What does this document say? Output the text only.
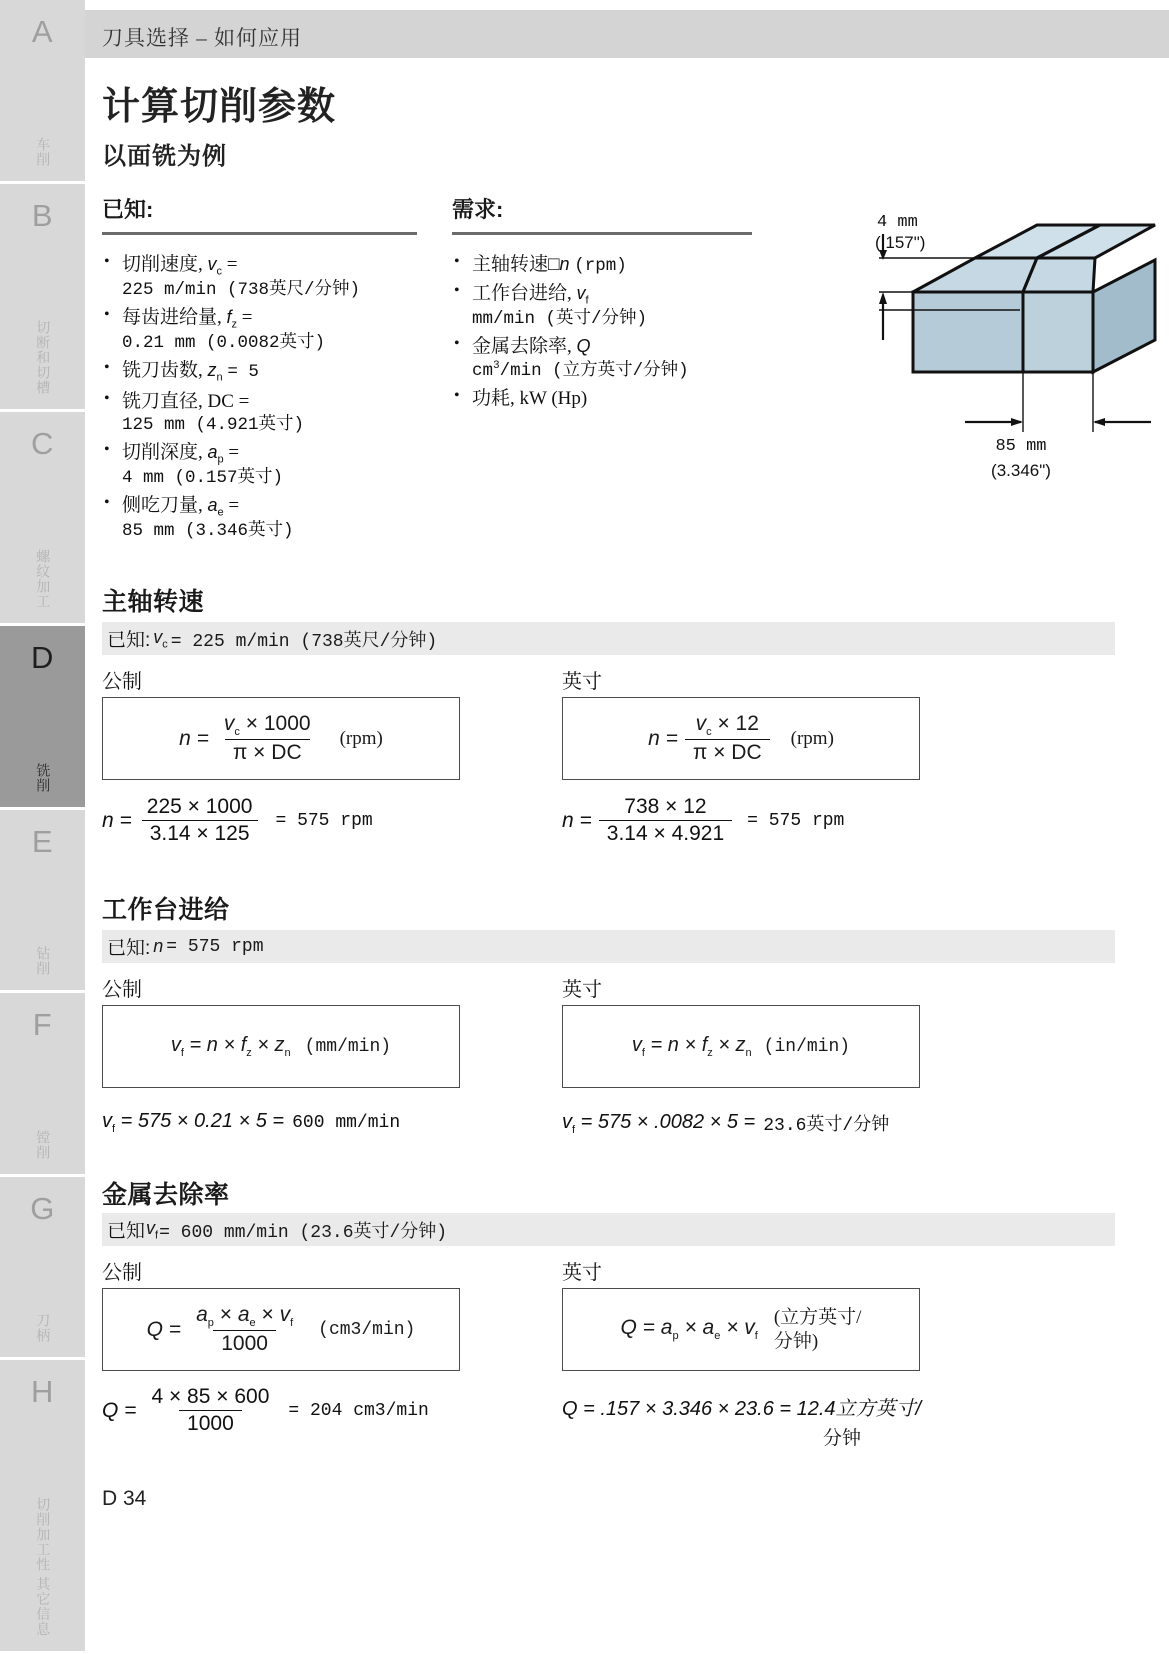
A
车削
B
切断和切槽
C
螺纹加工
D
铣削
E
钻削
F
镗削
G
刀柄
H
切削加工性 其它信息
刀具选择 – 如何应用
计算切削参数
以面铣为例
已知:
• 切削速度, $v_c$ =
225 m/min (738英尺/分钟)
• 每齿进给量, $f_z$ =
0.21 mm (0.0082英寸)
• 铣刀齿数, $z_n = 5$
• 铣刀直径, DC =
125 mm (4.921英寸)
• 切削深度, $a_p$ =
4 mm (0.157英寸)
• 侧吃刀量, $a_e$ =
85 mm (3.346英寸)
需求:
• 主轴转速□n (rpm)
• 工作台进给, $v_f$
mm/min (英寸/分钟)
• 金属去除率, Q
$cm^3/\min$ (立方英寸/分钟)
• 功耗, kW (Hp)
4 mm
(.157")
85 mm
(3.346")
主轴转速
已知: $v_c = 225$ m/min (738英尺/分钟)
公制	英寸
$n = \frac{v_c \times 1000}{\pi \times DC} (rpm)$	$n = \frac{v_c \times 12}{\pi \times DC} (rpm)$
$n = \frac{225 \times 1000}{3.14 \times 125} = 575$ rpm	$n = \frac{738 \times 12}{3.14 \times 4.921} = 575$ rpm
工作台进给
已知: n = 575 rpm
公制	英寸
$v_f = n \times f_z \times z_n$ (mm/min)	$v_f = n \times f_z \times z_n$ (in/min)
$v_f = 575 \times 0.21 \times 5 = 600$ mm/min	$v_f = 575 \times .0082 \times 5 = 23.6$英寸/分钟
金属去除率
已知 $v_f = 600$ mm/min (23.6英寸/分钟)
公制	英寸
$Q = \frac{a_p \times a_e \times v_f}{1000} (cm3/\min)$	$Q = a_p \times a_e \times v_f$
(立方英寸/
分钟)
$Q = \frac{4 \times 85 \times 600}{1000} = 204$ cm3/min	Q = .157 × 3.346 × 23.6 = 12.4立方英寸/
分钟
D 34
